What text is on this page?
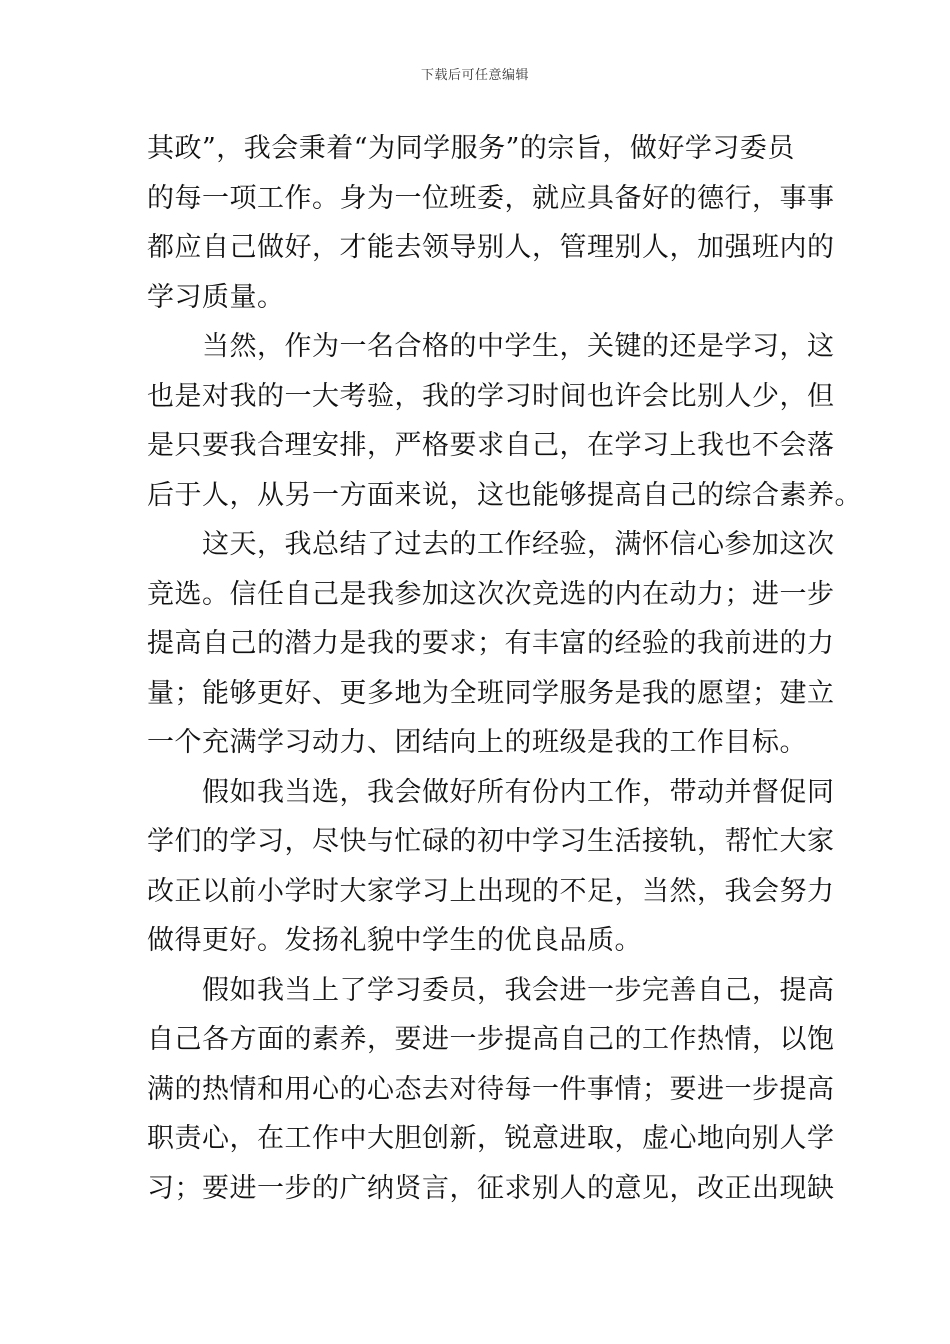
下载后可任意编辑
其政”，我会秉着“为同学服务”的宗旨，做好学习委员
的每一项工作。身为一位班委，就应具备好的德行，事事
都应自己做好，才能去领导别人，管理别人，加强班内的
学习质量。
　　当然，作为一名合格的中学生，关键的还是学习，这
也是对我的一大考验，我的学习时间也许会比别人少，但
是只要我合理安排，严格要求自己，在学习上我也不会落
后于人，从另一方面来说，这也能够提高自己的综合素养。
　　这天，我总结了过去的工作经验，满怀信心参加这次
竞选。信任自己是我参加这次次竞选的内在动力；进一步
提高自己的潜力是我的要求；有丰富的经验的我前进的力
量；能够更好、更多地为全班同学服务是我的愿望；建立
一个充满学习动力、团结向上的班级是我的工作目标。
　　假如我当选，我会做好所有份内工作，带动并督促同
学们的学习，尽快与忙碌的初中学习生活接轨，帮忙大家
改正以前小学时大家学习上出现的不足，当然，我会努力
做得更好。发扬礼貌中学生的优良品质。
　　假如我当上了学习委员，我会进一步完善自己，提高
自己各方面的素养，要进一步提高自己的工作热情，以饱
满的热情和用心的心态去对待每一件事情；要进一步提高
职责心，在工作中大胆创新，锐意进取，虚心地向别人学
习；要进一步的广纳贤言，征求别人的意见，改正出现缺
